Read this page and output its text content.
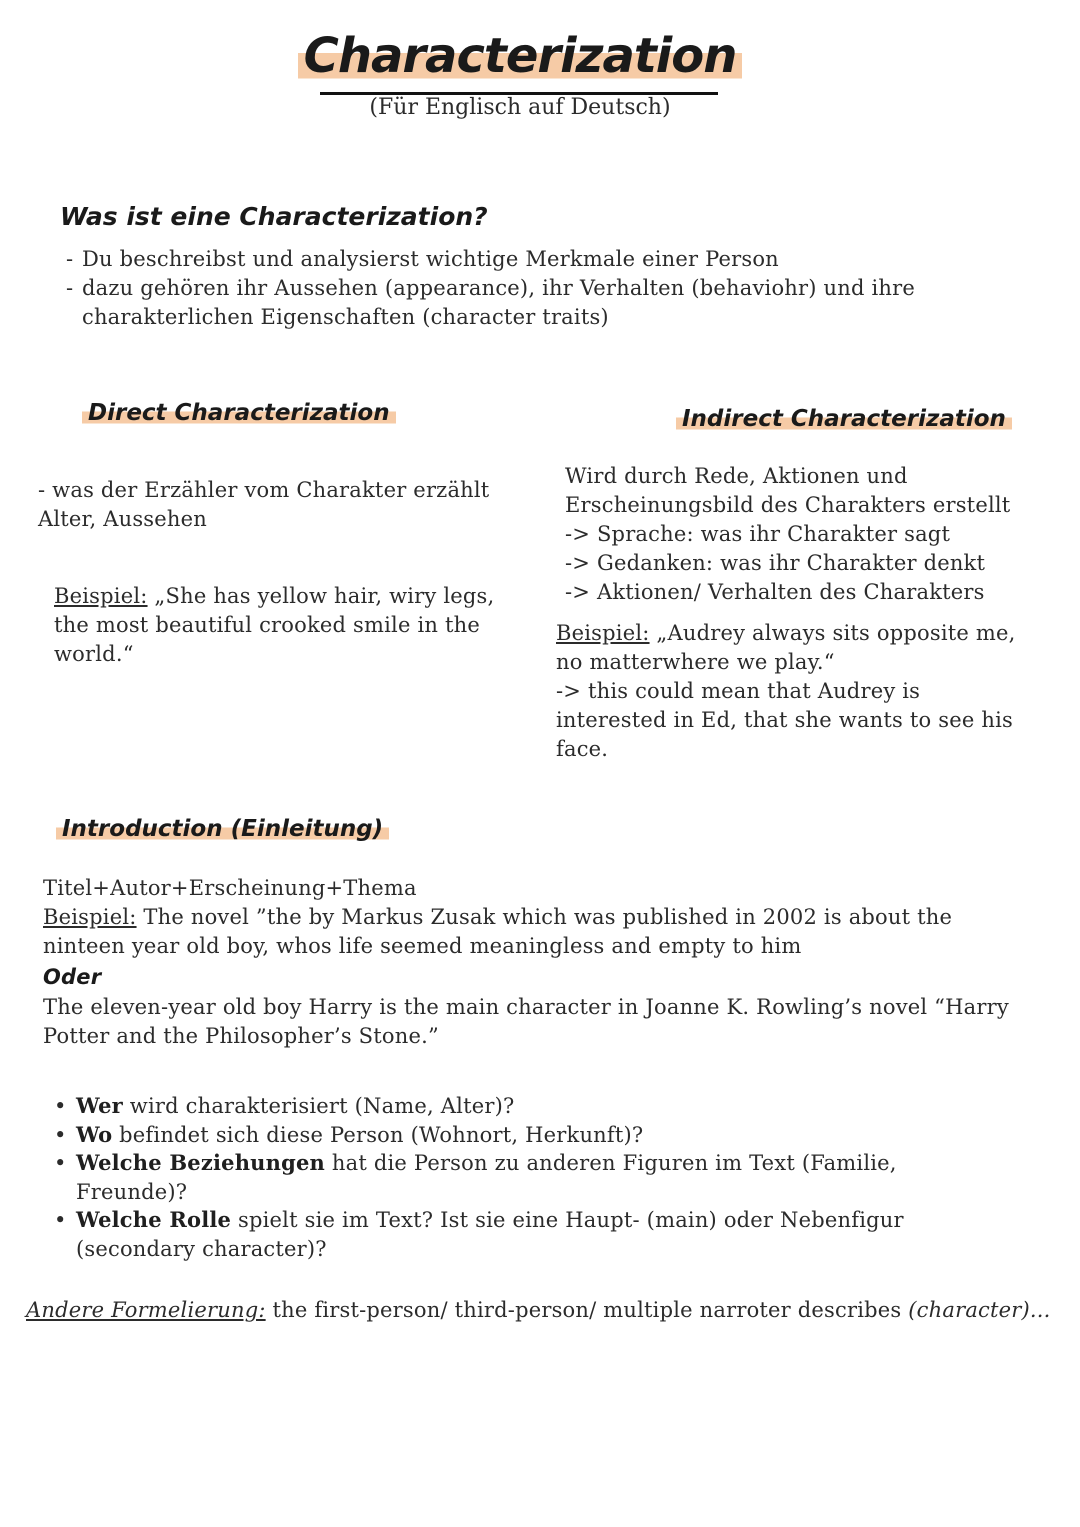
Characterization
(Für Englisch auf Deutsch)
Was ist eine Characterization?
- Du beschreibst und analysierst wichtige Merkmale einer Person
- dazu gehören ihr Aussehen (appearance), ihr Verhalten (behaviohr) und ihre charakterlichen Eigenschaften (character traits)
Direct Characterization
- was der Erzähler vom Charakter erzählt
Alter, Aussehen
Beispiel: „She has yellow hair, wiry legs, the most beautiful crooked smile in the world.“
Indirect Characterization
Wird durch Rede, Aktionen und
Erscheinungsbild des Charakters erstellt
-> Sprache: was ihr Charakter sagt
-> Gedanken: was ihr Charakter denkt
-> Aktionen/ Verhalten des Charakters
Beispiel: „Audrey always sits opposite me, no matterwhere we play.“
-> this could mean that Audrey is interested in Ed, that she wants to see his face.
Introduction (Einleitung)
Titel+Autor+Erscheinung+Thema
Beispiel: The novel ”the by Markus Zusak which was published in 2002 is about the ninteen year old boy, whos life seemed meaningless and empty to him
Oder
The eleven-year old boy Harry is the main character in Joanne K. Rowling’s novel “Harry Potter and the Philosopher’s Stone.”
• Wer wird charakterisiert (Name, Alter)?
• Wo befindet sich diese Person (Wohnort, Herkunft)?
• Welche Beziehungen hat die Person zu anderen Figuren im Text (Familie, Freunde)?
• Welche Rolle spielt sie im Text? Ist sie eine Haupt- (main) oder Nebenfigur (secondary character)?
Andere Formelierung: the first-person/ third-person/ multiple narroter describes (character)...
